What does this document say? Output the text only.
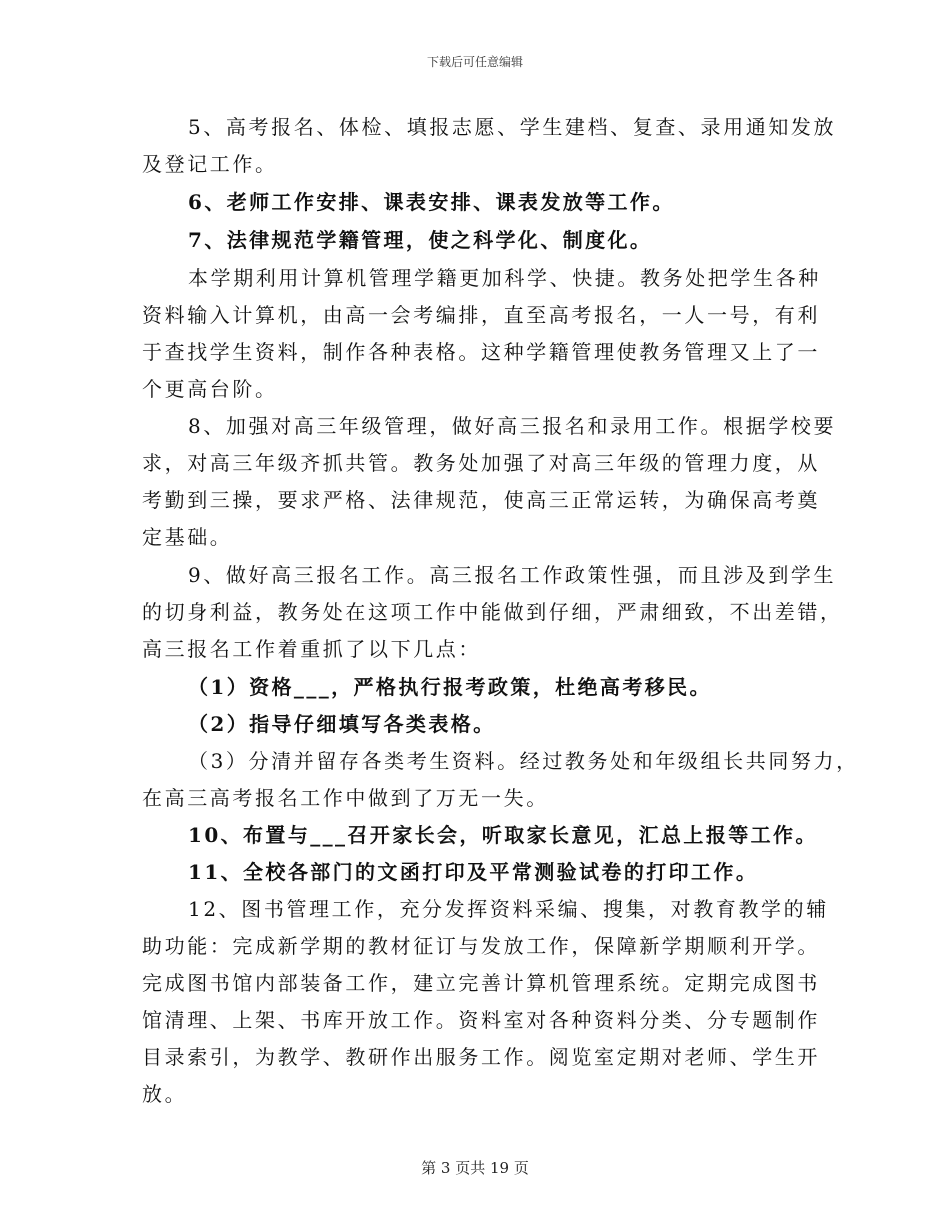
下载后可任意编辑
5、高考报名、体检、填报志愿、学生建档、复查、录用通知发放
及登记工作。
6、老师工作安排、课表安排、课表发放等工作。
7、法律规范学籍管理，使之科学化、制度化。
本学期利用计算机管理学籍更加科学、快捷。教务处把学生各种
资料输入计算机，由高一会考编排，直至高考报名，一人一号，有利
于查找学生资料，制作各种表格。这种学籍管理使教务管理又上了一
个更高台阶。
8、加强对高三年级管理，做好高三报名和录用工作。根据学校要
求，对高三年级齐抓共管。教务处加强了对高三年级的管理力度，从
考勤到三操，要求严格、法律规范，使高三正常运转，为确保高考奠
定基础。
9、做好高三报名工作。高三报名工作政策性强，而且涉及到学生
的切身利益，教务处在这项工作中能做到仔细，严肃细致，不出差错，
高三报名工作着重抓了以下几点：
（1）资格___，严格执行报考政策，杜绝高考移民。
（2）指导仔细填写各类表格。
（3）分清并留存各类考生资料。经过教务处和年级组长共同努力，
在高三高考报名工作中做到了万无一失。
10、布置与___召开家长会，听取家长意见，汇总上报等工作。
11、全校各部门的文函打印及平常测验试卷的打印工作。
12、图书管理工作，充分发挥资料采编、搜集，对教育教学的辅
助功能：完成新学期的教材征订与发放工作，保障新学期顺利开学。
完成图书馆内部装备工作，建立完善计算机管理系统。定期完成图书
馆清理、上架、书库开放工作。资料室对各种资料分类、分专题制作
目录索引，为教学、教研作出服务工作。阅览室定期对老师、学生开
放。
第 3 页共 19 页
